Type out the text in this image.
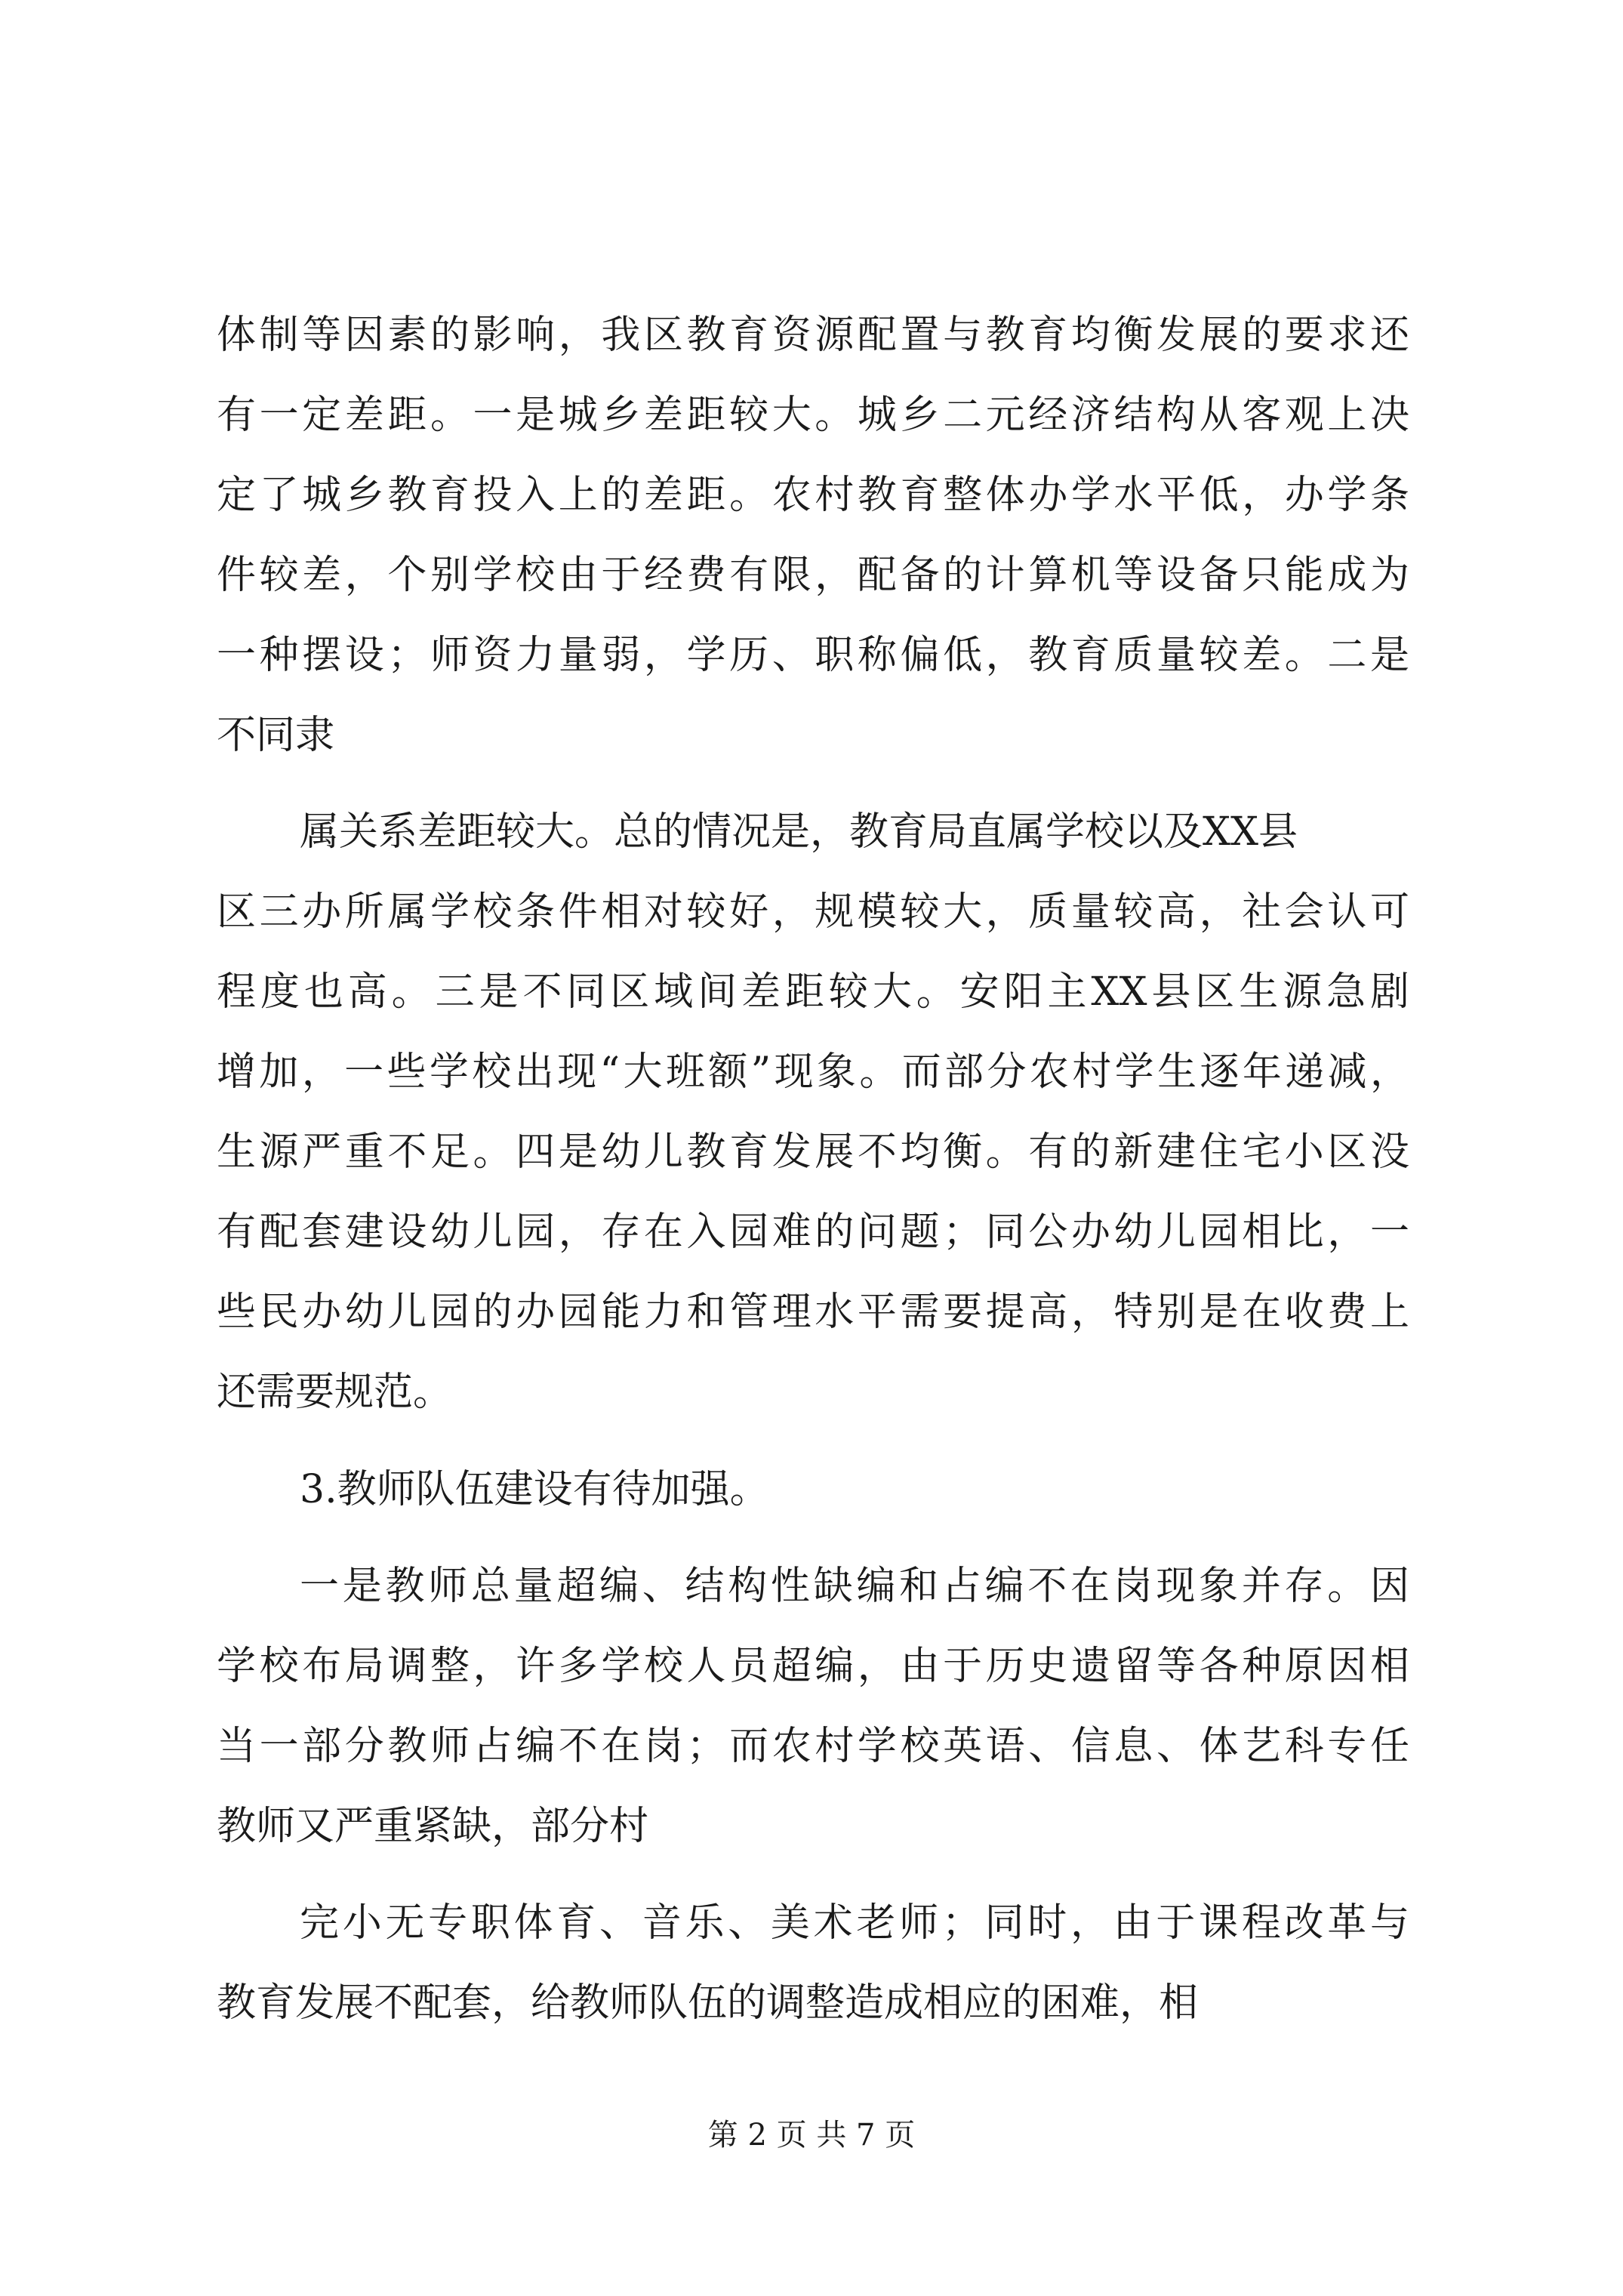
体制等因素的影响，我区教育资源配置与教育均衡发展的要求还

有一定差距。一是城乡差距较大。城乡二元经济结构从客观上决

定了城乡教育投入上的差距。农村教育整体办学水平低，办学条

件较差，个别学校由于经费有限，配备的计算机等设备只能成为

一种摆设；师资力量弱，学历、职称偏低，教育质量较差。二是

不同隶

属关系差距较大。总的情况是，教育局直属学校以及XX县

区三办所属学校条件相对较好，规模较大，质量较高，社会认可

程度也高。三是不同区域间差距较大。安阳主XX县区生源急剧

增加，一些学校出现“大班额”现象。而部分农村学生逐年递减，

生源严重不足。四是幼儿教育发展不均衡。有的新建住宅小区没

有配套建设幼儿园，存在入园难的问题；同公办幼儿园相比，一

些民办幼儿园的办园能力和管理水平需要提高，特别是在收费上

还需要规范。

3.教师队伍建设有待加强。

一是教师总量超编、结构性缺编和占编不在岗现象并存。因

学校布局调整，许多学校人员超编，由于历史遗留等各种原因相

当一部分教师占编不在岗；而农村学校英语、信息、体艺科专任

教师又严重紧缺，部分村

完小无专职体育、音乐、美术老师；同时，由于课程改革与

教育发展不配套，给教师队伍的调整造成相应的困难，相

第 2 页 共 7 页
